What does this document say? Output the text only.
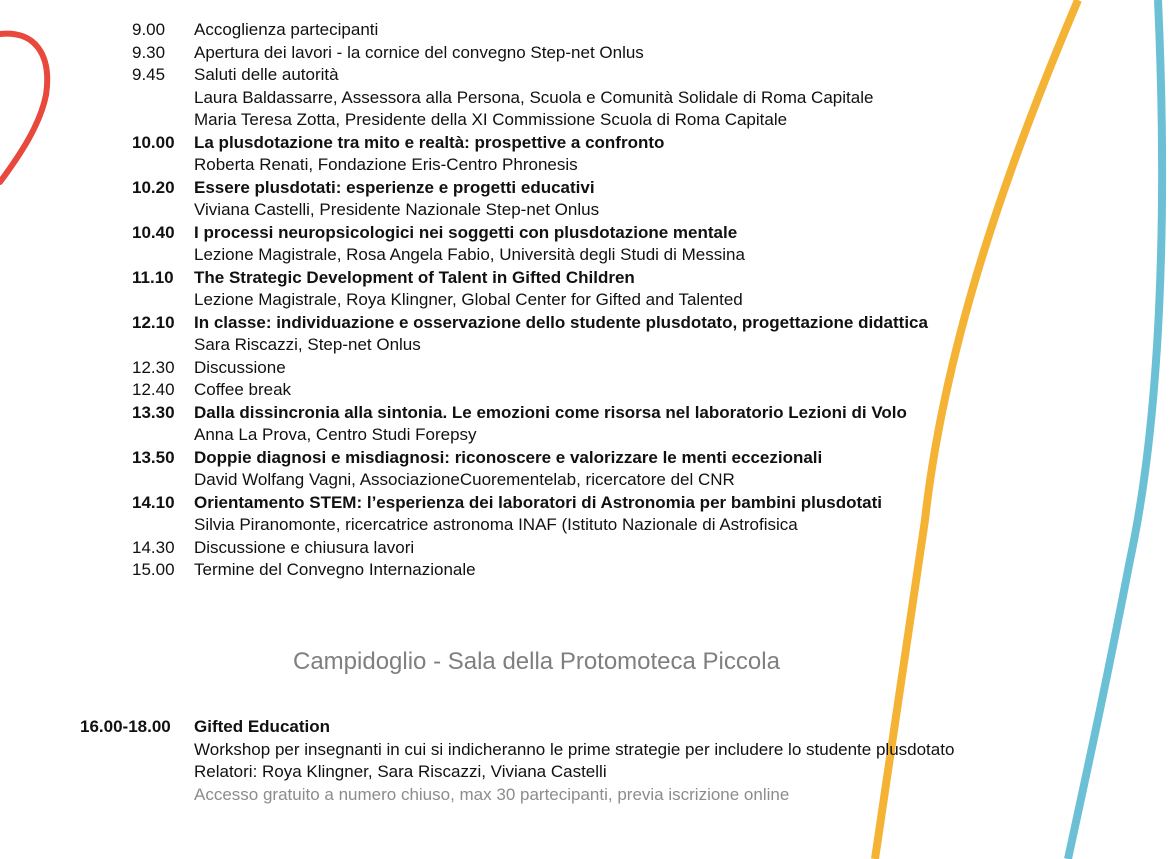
9.00 Accoglienza partecipanti
9.30 Apertura dei lavori - la cornice del convegno Step-net Onlus
9.45 Saluti delle autorità
Laura Baldassarre, Assessora alla Persona, Scuola e Comunità Solidale di Roma Capitale
Maria Teresa Zotta, Presidente della XI Commissione Scuola di Roma Capitale
10.00 La plusdotazione tra mito e realtà: prospettive a confronto
Roberta Renati, Fondazione Eris-Centro Phronesis
10.20 Essere plusdotati: esperienze e progetti educativi
Viviana Castelli, Presidente Nazionale Step-net Onlus
10.40 I processi neuropsicologici nei soggetti con plusdotazione mentale
Lezione Magistrale, Rosa Angela Fabio, Università degli Studi di Messina
11.10 The Strategic Development of Talent in Gifted Children
Lezione Magistrale, Roya Klingner, Global Center for Gifted and Talented
12.10 In classe: individuazione e osservazione dello studente plusdotato, progettazione didattica
Sara Riscazzi, Step-net Onlus
12.30 Discussione
12.40 Coffee break
13.30 Dalla dissincronia alla sintonia. Le emozioni come risorsa nel laboratorio Lezioni di Volo
Anna La Prova, Centro Studi Forepsy
13.50 Doppie diagnosi e misdiagnosi: riconoscere e valorizzare le menti eccezionali
David Wolfang Vagni, AssociazioneCuorementelab, ricercatore del CNR
14.10 Orientamento STEM: l’esperienza dei laboratori di Astronomia per bambini plusdotati
Silvia Piranomonte, ricercatrice astronoma INAF (Istituto Nazionale di Astrofisica
14.30 Discussione e chiusura lavori
15.00 Termine del Convegno Internazionale
Campidoglio - Sala della Protomoteca Piccola
16.00-18.00 Gifted Education
Workshop per insegnanti in cui si indicheranno le prime strategie per includere lo studente plusdotato
Relatori: Roya Klingner, Sara Riscazzi, Viviana Castelli
Accesso gratuito a numero chiuso, max 30 partecipanti, previa iscrizione online
